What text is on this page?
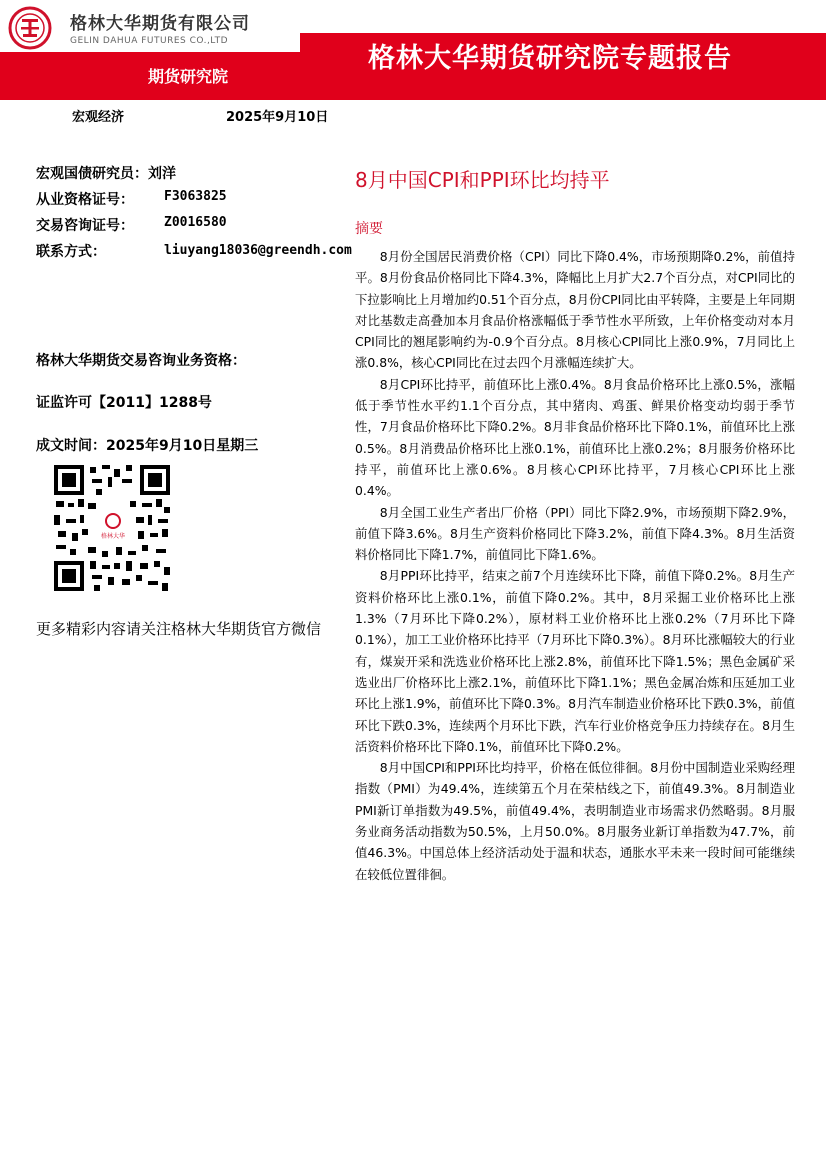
格林大华期货有限公司
GELIN DAHUA FUTURES CO.,LTD
格林大华期货研究院专题报告
期货研究院
宏观经济	2025年9月10日
宏观国债研究员：刘洋
从业资格证号： F3063825
交易咨询证号： Z0016580
联系方式：	liuyang18036@greendh.com
格林大华期货交易咨询业务资格：
证监许可【2011】1288号
成文时间：2025年9月10日星期三
格林大华
更多精彩内容请关注格林大华期货官方微信
8月中国CPI和PPI环比均持平
摘要

8月份全国居民消费价格（CPI）同比下降0.4%，市场预期降0.2%，前值持平。8月份食品价格同比下降4.3%，降幅比上月扩大2.7个百分点，对CPI同比的下拉影响比上月增加约0.51个百分点，8月份CPI同比由平转降，主要是上年同期对比基数走高叠加本月食品价格涨幅低于季节性水平所致，上年价格变动对本月CPI同比的翘尾影响约为-0.9个百分点。8月核心CPI同比上涨0.9%，7月同比上涨0.8%，核心CPI同比在过去四个月涨幅连续扩大。

8月CPI环比持平，前值环比上涨0.4%。8月食品价格环比上涨0.5%，涨幅低于季节性水平约1.1个百分点，其中猪肉、鸡蛋、鲜果价格变动均弱于季节性，7月食品价格环比下降0.2%。8月非食品价格环比下降0.1%，前值环比上涨0.5%。8月消费品价格环比上涨0.1%，前值环比上涨0.2%；8月服务价格环比持平，前值环比上涨0.6%。8月核心CPI环比持平，7月核心CPI环比上涨0.4%。

8月全国工业生产者出厂价格（PPI）同比下降2.9%，市场预期下降2.9%，前值下降3.6%。8月生产资料价格同比下降3.2%，前值下降4.3%。8月生活资料价格同比下降1.7%，前值同比下降1.6%。

8月PPI环比持平，结束之前7个月连续环比下降，前值下降0.2%。8月生产资料价格环比上涨0.1%，前值下降0.2%。其中，8月采掘工业价格环比上涨1.3%（7月环比下降0.2%），原材料工业价格环比上涨0.2%（7月环比下降0.1%），加工工业价格环比持平（7月环比下降0.3%）。8月环比涨幅较大的行业有，煤炭开采和洗选业价格环比上涨2.8%，前值环比下降1.5%；黑色金属矿采选业出厂价格环比上涨2.1%，前值环比下降1.1%；黑色金属冶炼和压延加工业环比上涨1.9%，前值环比下降0.3%。8月汽车制造业价格环比下跌0.3%，前值环比下跌0.3%，连续两个月环比下跌，汽车行业价格竞争压力持续存在。8月生活资料价格环比下降0.1%，前值环比下降0.2%。

8月中国CPI和PPI环比均持平，价格在低位徘徊。8月份中国制造业采购经理指数（PMI）为49.4%，连续第五个月在荣枯线之下，前值49.3%。8月制造业PMI新订单指数为49.5%，前值49.4%，表明制造业市场需求仍然略弱。8月服务业商务活动指数为50.5%，上月50.0%。8月服务业新订单指数为47.7%，前值46.3%。中国总体上经济活动处于温和状态，通胀水平未来一段时间可能继续在较低位置徘徊。
